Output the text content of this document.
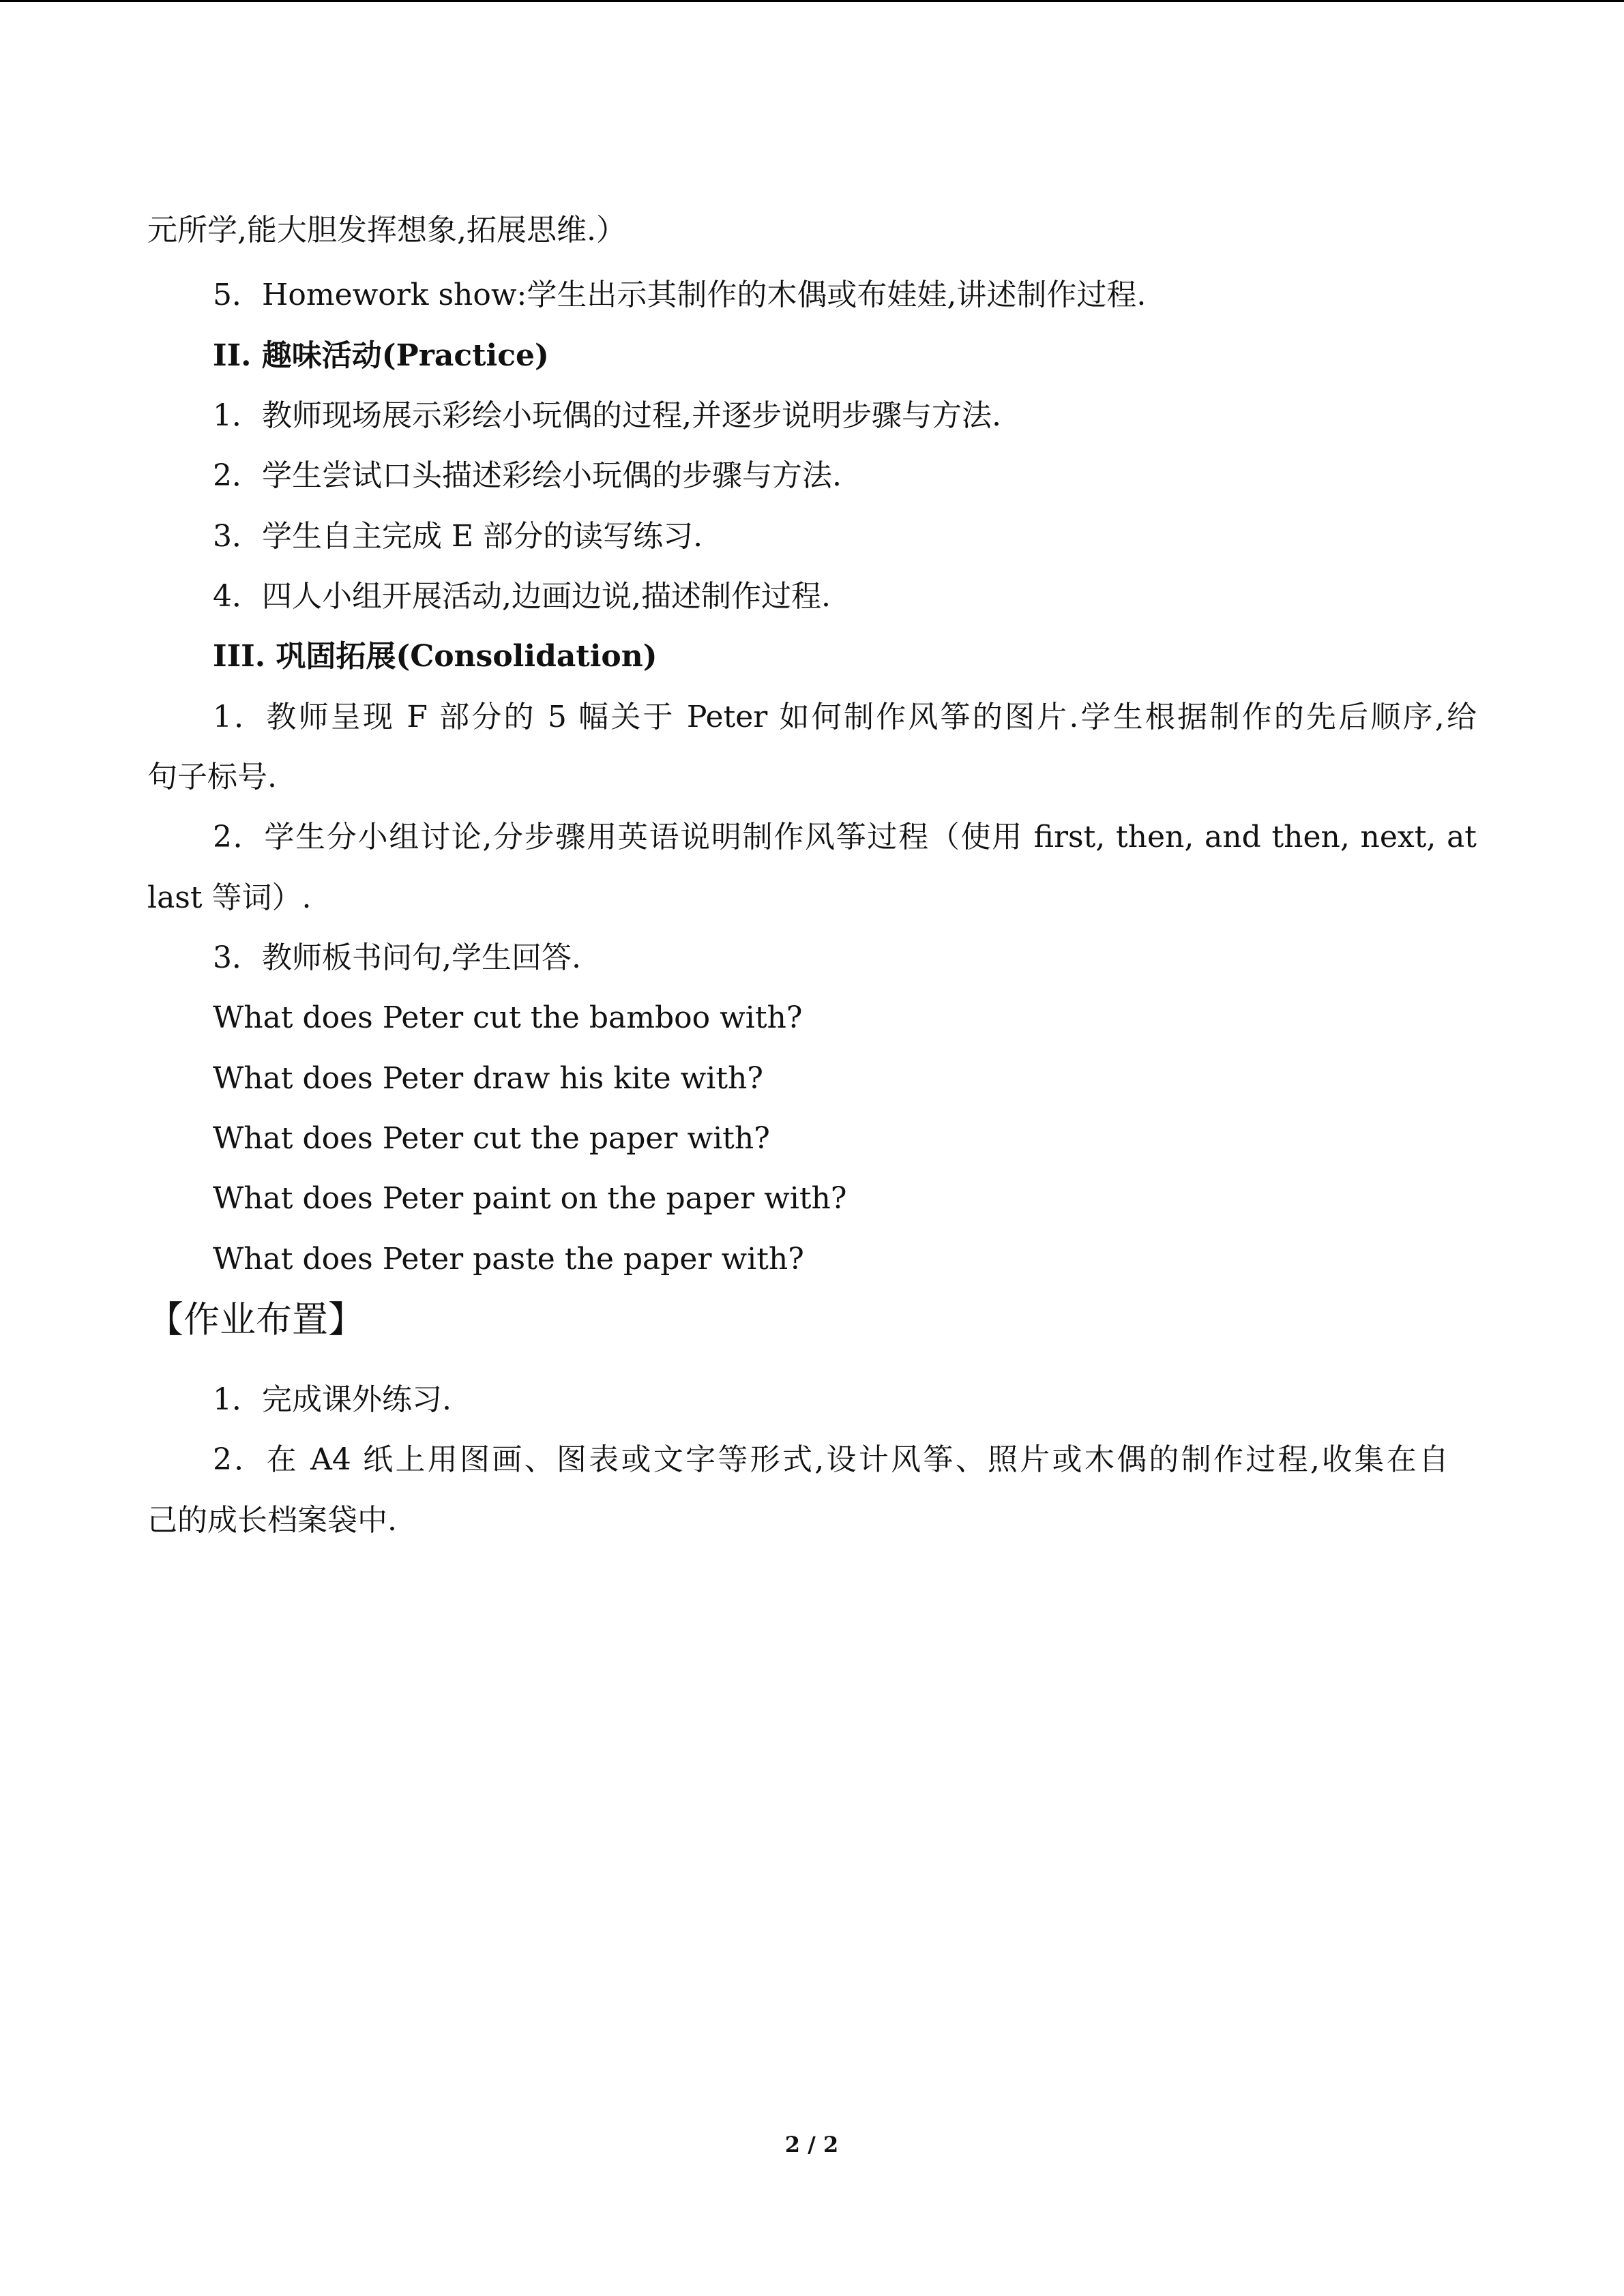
元所学,能大胆发挥想象,拓展思维.）
5．Homework show:学生出示其制作的木偶或布娃娃,讲述制作过程.
II. 趣味活动(Practice)
1．教师现场展示彩绘小玩偶的过程,并逐步说明步骤与方法.
2．学生尝试口头描述彩绘小玩偶的步骤与方法.
3．学生自主完成 E 部分的读写练习.
4．四人小组开展活动,边画边说,描述制作过程.
III. 巩固拓展(Consolidation)
1．教师呈现 F 部分的 5 幅关于 Peter 如何制作风筝的图片.学生根据制作的先后顺序,给
句子标号.
2．学生分小组讨论,分步骤用英语说明制作风筝过程（使用 first, then, and then, next, at
last 等词）.
3．教师板书问句,学生回答.
What does Peter cut the bamboo with?
What does Peter draw his kite with?
What does Peter cut the paper with?
What does Peter paint on the paper with?
What does Peter paste the paper with?
【作业布置】
1．完成课外练习.
2．在 A4 纸上用图画、图表或文字等形式,设计风筝、照片或木偶的制作过程,收集在自
己的成长档案袋中.
2 / 2
